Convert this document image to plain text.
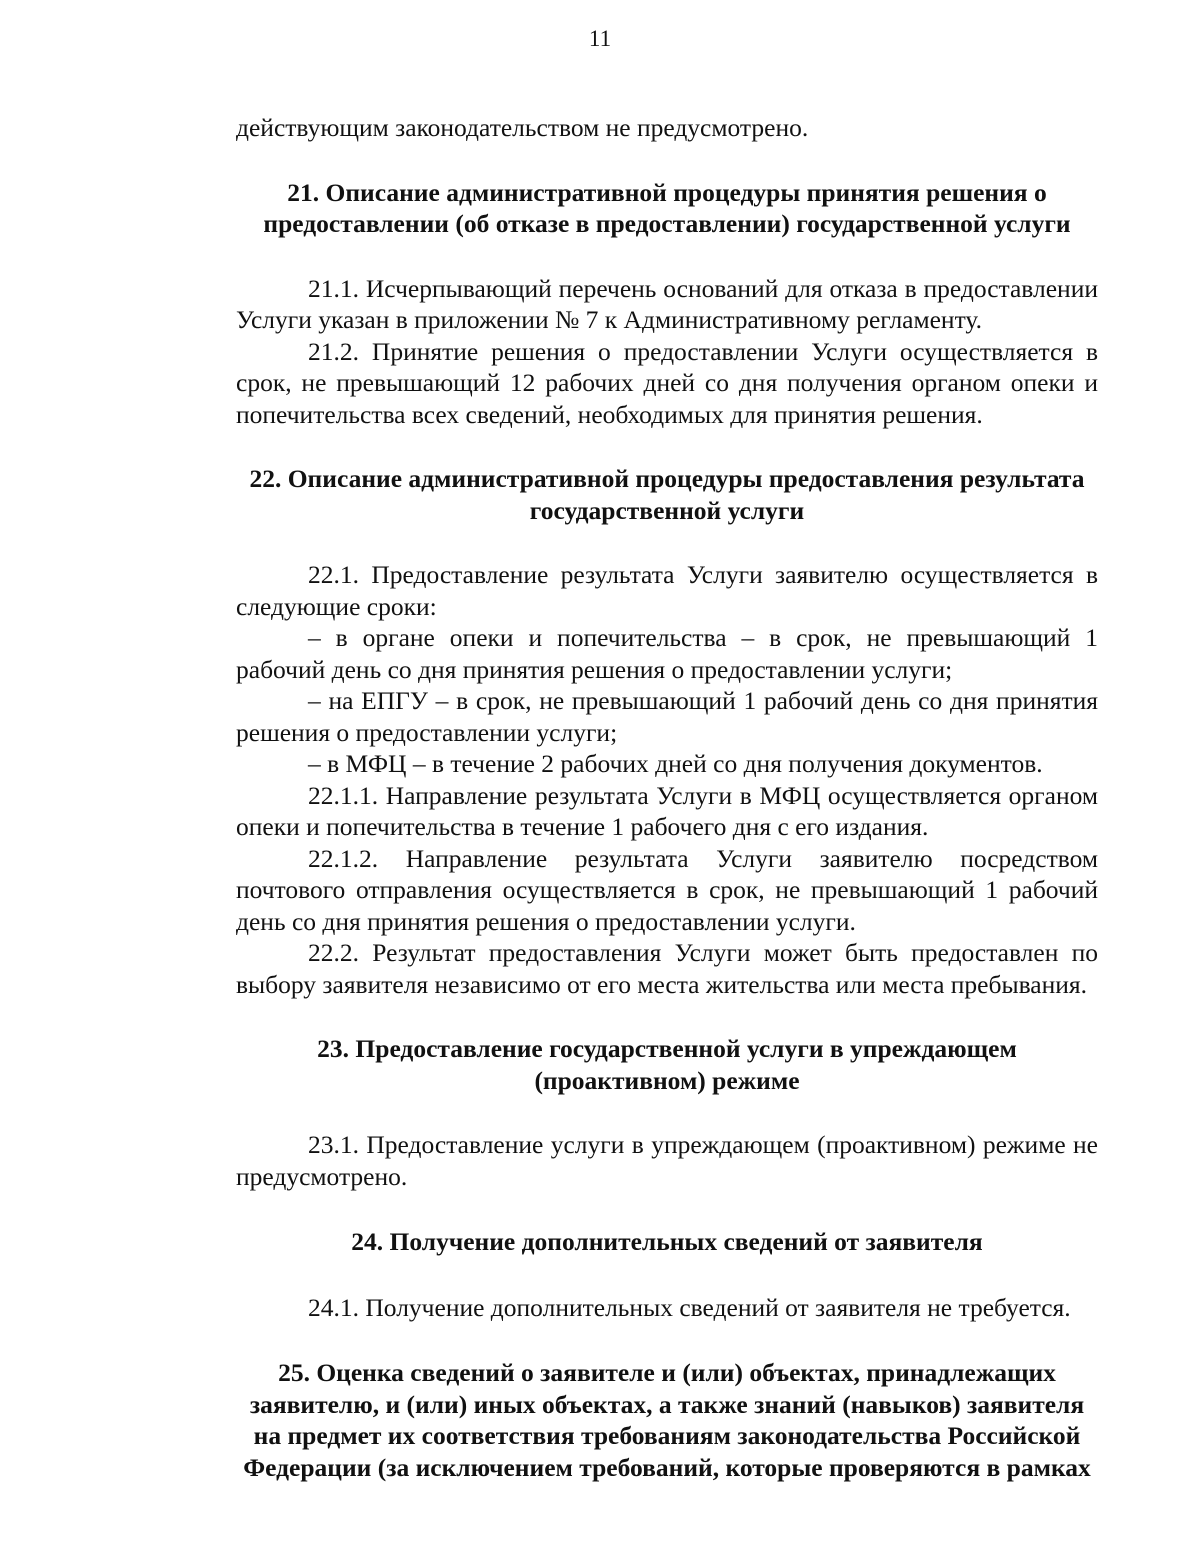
11

действующим законодательством не предусмотрено.

21. Описание административной процедуры принятия решения о предоставлении (об отказе в предоставлении) государственной услуги

21.1. Исчерпывающий перечень оснований для отказа в предоставлении Услуги указан в приложении № 7 к Административному регламенту.

21.2. Принятие решения о предоставлении Услуги осуществляется в срок, не превышающий 12 рабочих дней со дня получения органом опеки и попечительства всех сведений, необходимых для принятия решения.

22. Описание административной процедуры предоставления результата государственной услуги

22.1. Предоставление результата Услуги заявителю осуществляется в следующие сроки:

– в органе опеки и попечительства – в срок, не превышающий 1 рабочий день со дня принятия решения о предоставлении услуги;

– на ЕПГУ – в срок, не превышающий 1 рабочий день со дня принятия решения о предоставлении услуги;

– в МФЦ – в течение 2 рабочих дней со дня получения документов.

22.1.1. Направление результата Услуги в МФЦ осуществляется органом опеки и попечительства в течение 1 рабочего дня с его издания.

22.1.2. Направление результата Услуги заявителю посредством почтового отправления осуществляется в срок, не превышающий 1 рабочий день со дня принятия решения о предоставлении услуги.

22.2. Результат предоставления Услуги может быть предоставлен по выбору заявителя независимо от его места жительства или места пребывания.

23. Предоставление государственной услуги в упреждающем (проактивном) режиме

23.1. Предоставление услуги в упреждающем (проактивном) режиме не предусмотрено.

24. Получение дополнительных сведений от заявителя

24.1. Получение дополнительных сведений от заявителя не требуется.

25. Оценка сведений о заявителе и (или) объектах, принадлежащих заявителю, и (или) иных объектах, а также знаний (навыков) заявителя на предмет их соответствия требованиям законодательства Российской Федерации (за исключением требований, которые проверяются в рамках
